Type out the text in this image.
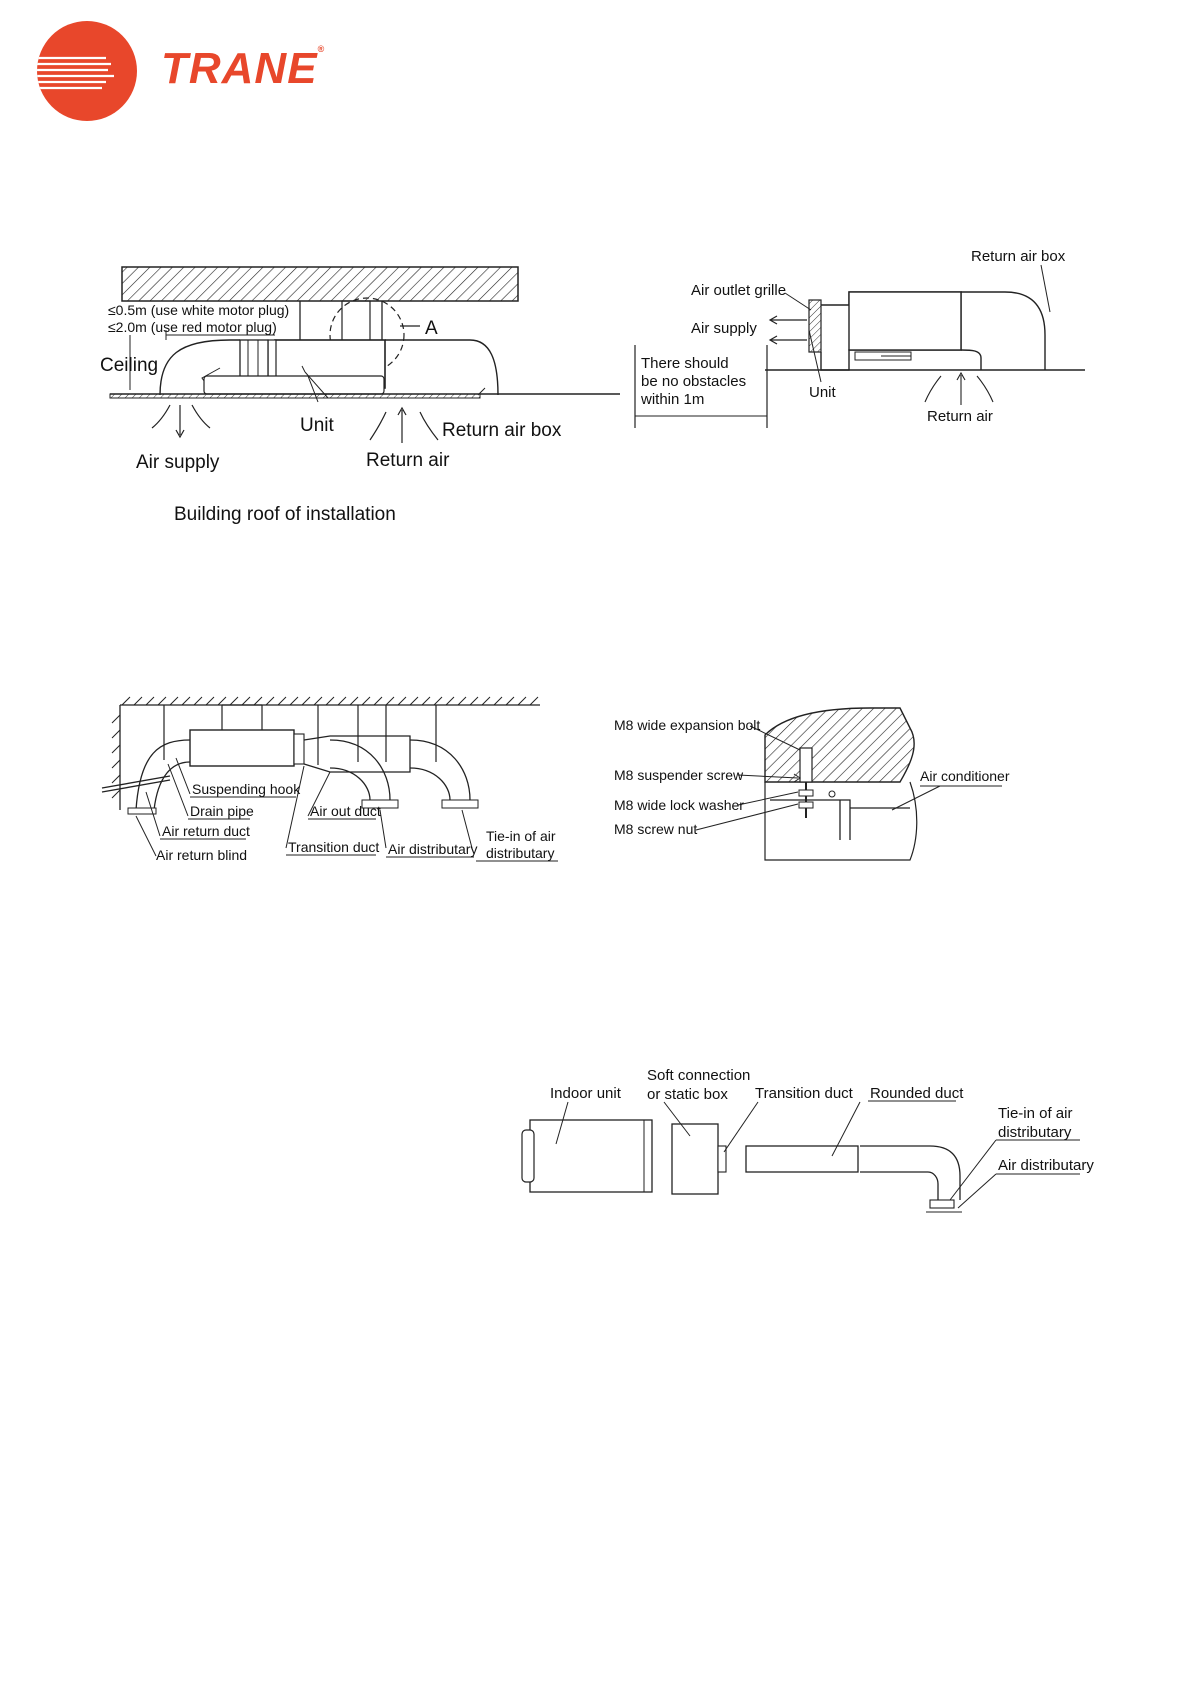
TRANE®
A
≤0.5m (use white motor plug)
≤2.0m (use red motor plug)
Ceiling
Unit	Return air box
Air supply	Return air
Building roof of installation
Return air box
Air outlet grille
Air supply
There should
be no obstacles
within 1m	Unit
Return air
Suspending hook
Drain pipe
Air return duct
Air return blind
Air out duct
Transition duct Air distributary
Tie-in of air
distributary
M8 wide expansion bolt
M8 suspender screw
M8 wide lock washer
M8 screw nut
Air conditioner
Indoor unit
Soft connection
or static box Transition duct Rounded duct
Tie-in of air
distributary
Air distributary
